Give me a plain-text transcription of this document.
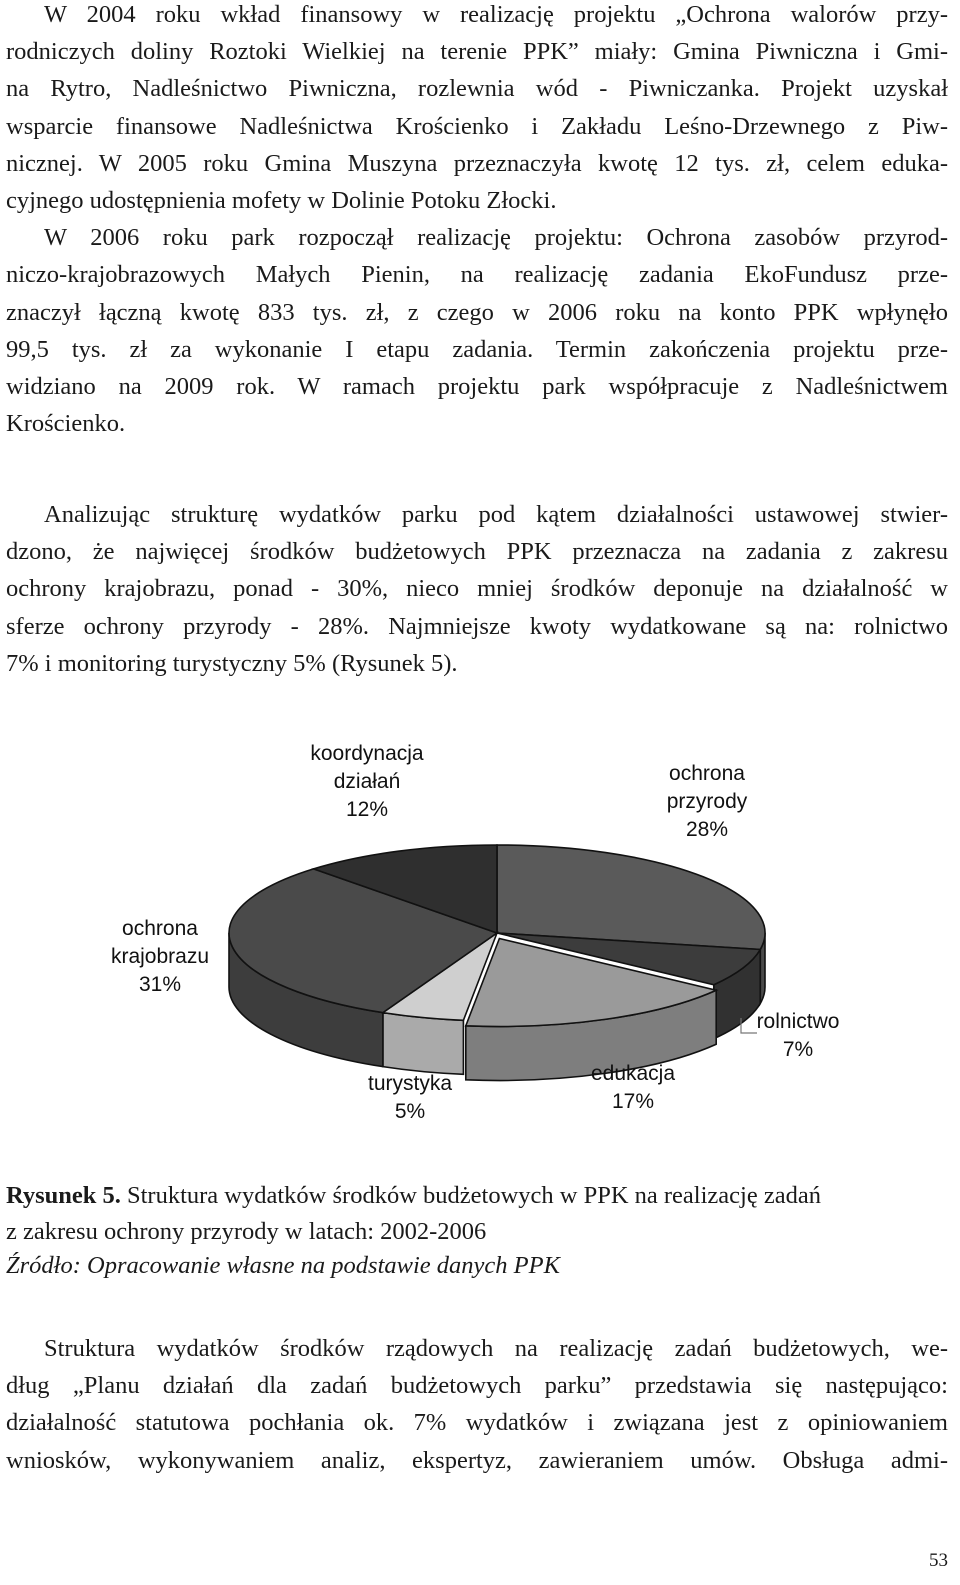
W 2004 roku wkład finansowy w realizację projektu „Ochrona walorów przy-
rodniczych doliny Roztoki Wielkiej na terenie PPK” miały: Gmina Piwniczna i Gmi-
na Rytro, Nadleśnictwo Piwniczna, rozlewnia wód - Piwniczanka. Projekt uzyskał
wsparcie finansowe Nadleśnictwa Krościenko i Zakładu Leśno-Drzewnego z Piw-
nicznej. W 2005 roku Gmina Muszyna przeznaczyła kwotę 12 tys. zł, celem eduka-
cyjnego udostępnienia mofety w Dolinie Potoku Złocki.
W 2006 roku park rozpoczął realizację projektu: Ochrona zasobów przyrod-
niczo-krajobrazowych Małych Pienin, na realizację zadania EkoFundusz prze-
znaczył łączną kwotę 833 tys. zł, z czego w 2006 roku na konto PPK wpłynęło
99,5 tys. zł za wykonanie I etapu zadania. Termin zakończenia projektu prze-
widziano na 2009 rok. W ramach projektu park współpracuje z Nadleśnictwem
Krościenko.
Analizując strukturę wydatków parku pod kątem działalności ustawowej stwier-
dzono, że najwięcej środków budżetowych PPK przeznacza na zadania z zakresu
ochrony krajobrazu, ponad - 30%, nieco mniej środków deponuje na działalność w
sferze ochrony przyrody - 28%. Najmniejsze kwoty wydatkowane są na: rolnictwo
7% i monitoring turystyczny 5% (Rysunek 5).
ochrona
przyrody
28%
rolnictwo
7%
edukacja
17%
turystyka
5%
ochrona
krajobrazu
31%
koordynacja
działań
12%
Rysunek 5. Struktura wydatków środków budżetowych w PPK na realizację zadań
z zakresu ochrony przyrody w latach: 2002-2006
Źródło: Opracowanie własne na podstawie danych PPK
Struktura wydatków środków rządowych na realizację zadań budżetowych, we-
dług „Planu działań dla zadań budżetowych parku” przedstawia się następująco:
działalność statutowa pochłania ok. 7% wydatków i związana jest z opiniowaniem
wniosków, wykonywaniem analiz, ekspertyz, zawieraniem umów. Obsługa admi-
53
